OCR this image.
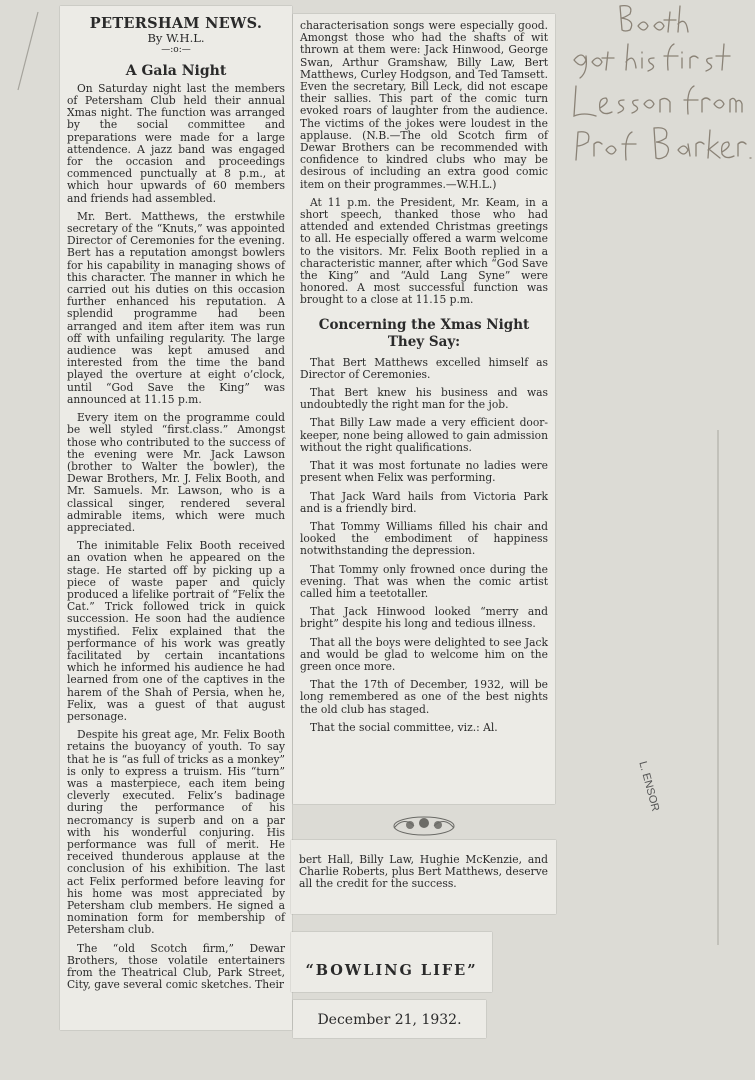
PETERSHAM NEWS.
By W.H.L.
—:o:—
A Gala Night

On Saturday night last the members of Petersham Club held their annual Xmas night. The function was arranged by the social committee and preparations were made for a large attendence. A jazz band was engaged for the occasion and proceedings commenced punctually at 8 p.m., at which hour upwards of 60 members and friends had assembled.

Mr. Bert. Matthews, the erstwhile secretary of the “Knuts,” was appointed Director of Ceremonies for the evening. Bert has a reputation amongst bowlers for his capability in managing shows of this character. The manner in which he carried out his duties on this occasion further enhanced his reputation. A splendid programme had been arranged and item after item was run off with unfailing regularity. The large audience was kept amused and interested from the time the band played the overture at eight o’clock, until “God Save the King” was announced at 11.15 p.m.

Every item on the programme could be well styled “first.class.” Amongst those who contributed to the success of the evening were Mr. Jack Lawson (brother to Walter the bowler), the Dewar Brothers, Mr. J. Felix Booth, and Mr. Samuels. Mr. Lawson, who is a classical singer, rendered several admirable items, which were much appreciated.

The inimitable Felix Booth received an ovation when he appeared on the stage. He started off by picking up a piece of waste paper and quicly produced a lifelike portrait of “Felix the Cat.” Trick followed trick in quick succession. He soon had the audience mystified. Felix explained that the performance of his work was greatly facilitated by certain incantations which he informed his audience he had learned from one of the captives in the harem of the Shah of Persia, when he, Felix, was a guest of that august personage.

Despite his great age, Mr. Felix Booth retains the buoyancy of youth. To say that he is “as full of tricks as a monkey” is only to express a truism. His “turn” was a masterpiece, each item being cleverly executed. Felix’s badinage during the performance of his necromancy is superb and on a par with his wonderful conjuring. His performance was full of merit. He received thunderous applause at the conclusion of his exhibition. The last act Felix performed before leaving for his home was most appreciated by Petersham club members. He signed a nomination form for membership of Petersham club.

The “old Scotch firm,” Dewar Brothers, those volatile entertainers from the Theatrical Club, Park Street, City, gave several comic sketches. Their

characterisation songs were especially good. Amongst those who had the shafts of wit thrown at them were: Jack Hinwood, George Swan, Arthur Gramshaw, Billy Law, Bert Matthews, Curley Hodgson, and Ted Tamsett. Even the secretary, Bill Leck, did not escape their sallies. This part of the comic turn evoked roars of laughter from the audience. The victims of the jokes were loudest in the applause. (N.B.—The old Scotch firm of Dewar Brothers can be recommended with confidence to kindred clubs who may be desirous of including an extra good comic item on their programmes.—W.H.L.)

At 11 p.m. the President, Mr. Keam, in a short speech, thanked those who had attended and extended Christmas greetings to all. He especially offered a warm welcome to the visitors. Mr. Felix Booth replied in a characteristic manner, after which “God Save the King” and “Auld Lang Syne” were honored. A most successful function was brought to a close at 11.15 p.m.

Concerning the Xmas Night They Say:

That Bert Matthews excelled himself as Director of Ceremonies.

That Bert knew his business and was undoubtedly the right man for the job.

That Billy Law made a very efficient door-keeper, none being allowed to gain admission without the right qualifications.

That it was most fortunate no ladies were present when Felix was performing.

That Jack Ward hails from Victoria Park and is a friendly bird.

That Tommy Williams filled his chair and looked the embodiment of happiness notwithstanding the depression.

That Tommy only frowned once during the evening. That was when the comic artist called him a teetotaller.

That Jack Hinwood looked “merry and bright” despite his long and tedious illness.

That all the boys were delighted to see Jack and would be glad to welcome him on the green once more.

That the 17th of December, 1932, will be long remembered as one of the best nights the old club has staged.

That the social committee, viz.: Al.

bert Hall, Billy Law, Hughie McKenzie, and Charlie Roberts, plus Bert Matthews, deserve all the credit for the success.

“BOWLING LIFE”
December 21, 1932.
Booth got his first Lesson from Prof Barker.
L. ENSOR
